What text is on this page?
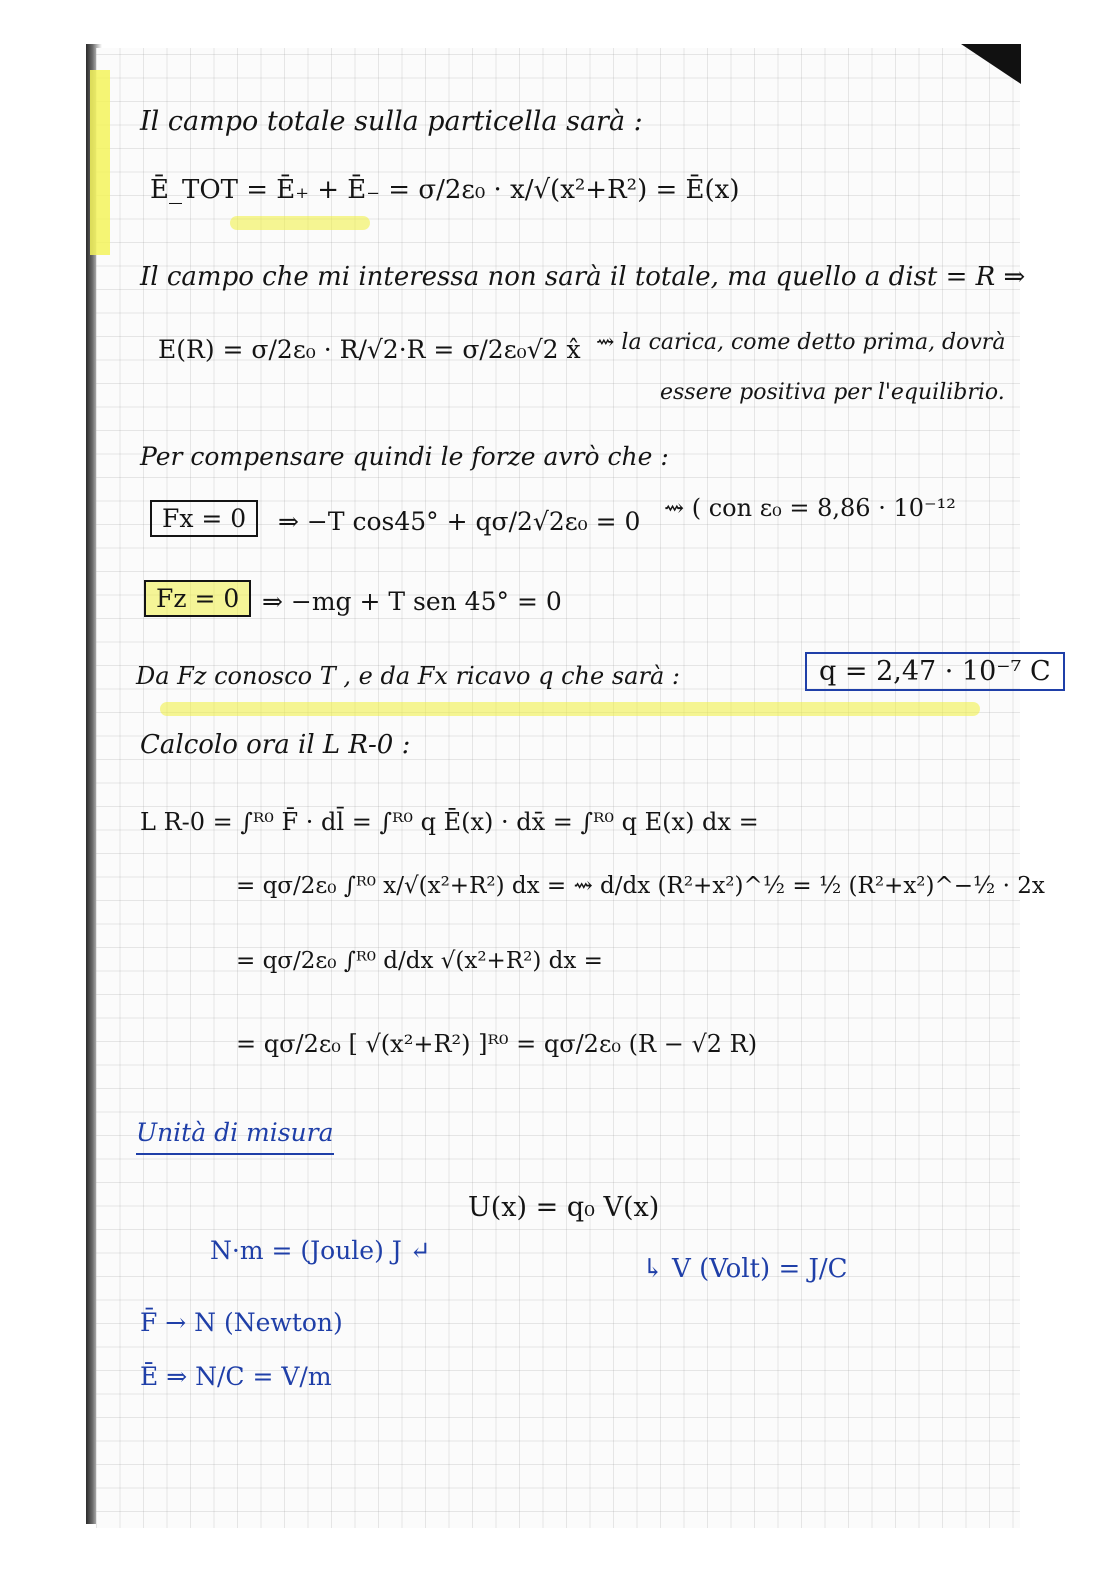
Il campo totale sulla particella sarà :
Ē_TOT = Ē₊ + Ē₋ = σ/2ε₀ · x/√(x²+R²) = Ē(x)
Il campo che mi interessa non sarà il totale, ma quello a dist = R ⇒
E(R) = σ/2ε₀ · R/√2·R = σ/2ε₀√2 x̂ ⇝ la carica, come detto prima, dovrà
essere positiva per l'equilibrio.
Per compensare quindi le forze avrò che :
Fx = 0	⇒ −T cos45° + qσ/2√2ε₀ = 0 ⇝ ( con ε₀ = 8,86 · 10⁻¹²
Fz = 0 ⇒ −mg + T sen 45° = 0
Da Fz conosco T , e da Fx ricavo q che sarà :	q = 2,47 · 10⁻⁷ C
Calcolo ora il L R-0 :
L R-0 = ∫ᴿ⁰ F̄ · dl̄ = ∫ᴿ⁰ q Ē(x) · dx̄ = ∫ᴿ⁰ q E(x) dx =
= qσ/2ε₀ ∫ᴿ⁰ x/√(x²+R²) dx = ⇝ d/dx (R²+x²)^½ = ½ (R²+x²)^−½ · 2x
= qσ/2ε₀ ∫ᴿ⁰ d/dx √(x²+R²) dx =
= qσ/2ε₀ [ √(x²+R²) ]ᴿ⁰ = qσ/2ε₀ (R − √2 R)
Unità di misura
U(x) = q₀ V(x)
N·m = (Joule) J ↵
↳ V (Volt) = J/C
F̄ → N (Newton)
Ē ⇒ N/C = V/m
